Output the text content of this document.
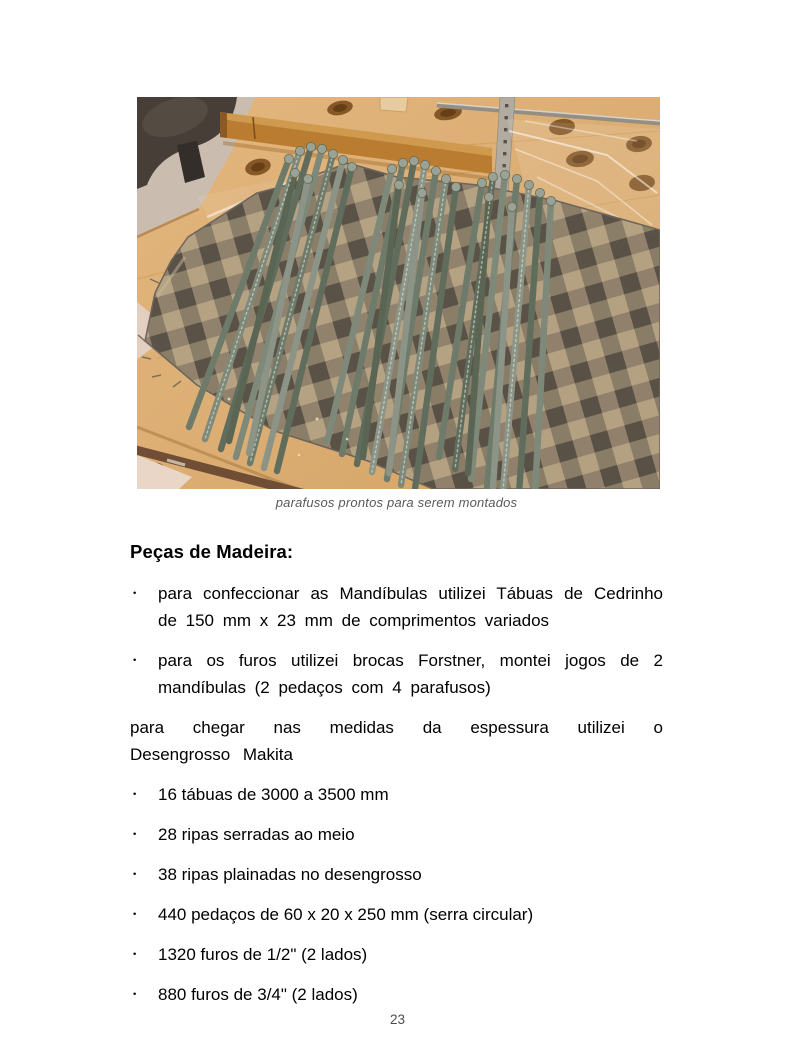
parafusos prontos para serem montados
Peças de Madeira:
•	para confeccionar as Mandíbulas utilizei Tábuas de Cedrinho de 150 mm x 23 mm de comprimentos variados
•	para os furos utilizei brocas Forstner, montei jogos de 2 mandíbulas (2 pedaços com 4 parafusos)

para chegar nas medidas da espessura utilizei o Desengrosso Makita

•	16 tábuas de 3000 a 3500 mm
•	28 ripas serradas ao meio
•	38 ripas plainadas no desengrosso
•	440 pedaços de 60 x 20 x 250 mm (serra circular)
•	1320 furos de 1/2" (2 lados)
•	880 furos de 3/4" (2 lados)
23
